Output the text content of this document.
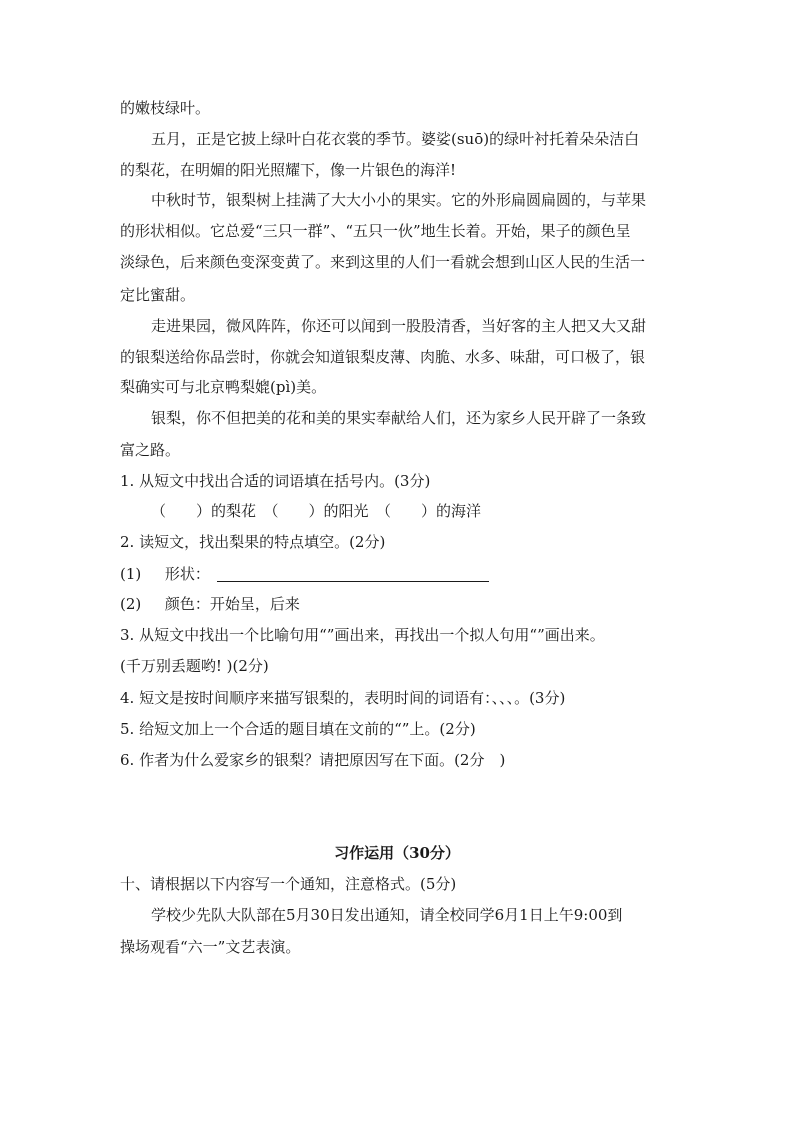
的嫩枝绿叶。
五月，正是它披上绿叶白花衣裳的季节。婆娑(suō)的绿叶衬托着朵朵洁白
的梨花，在明媚的阳光照耀下，像一片银色的海洋!
中秋时节，银梨树上挂满了大大小小的果实。它的外形扁圆扁圆的，与苹果
的形状相似。它总爱“三只一群”、“五只一伙”地生长着。开始，果子的颜色呈
淡绿色，后来颜色变深变黄了。来到这里的人们一看就会想到山区人民的生活一
定比蜜甜。
走进果园，微风阵阵，你还可以闻到一股股清香，当好客的主人把又大又甜
的银梨送给你品尝时，你就会知道银梨皮薄、肉脆、水多、味甜，可口极了，银
梨确实可与北京鸭梨媲(pì)美。
银梨，你不但把美的花和美的果实奉献给人们，还为家乡人民开辟了一条致
富之路。
1. 从短文中找出合适的词语填在括号内。(3分)
（　　）的梨花　（　　）的阳光　（　　）的海洋
2. 读短文，找出梨果的特点填空。(2分)
(1) 形状：
(2) 颜色：开始呈，后来
3. 从短文中找出一个比喻句用“”画出来，再找出一个拟人句用“”画出来。
(千万别丢题哟! )(2分)
4. 短文是按时间顺序来描写银梨的，表明时间的词语有：、、、。(3分)
5. 给短文加上一个合适的题目填在文前的“”上。(2分)
6. 作者为什么爱家乡的银梨？请把原因写在下面。(2分　)
习作运用（30分）
十、请根据以下内容写一个通知，注意格式。(5分)
学校少先队大队部在5月30日发出通知，请全校同学6月1日上午9:00到
操场观看“六一”文艺表演。
